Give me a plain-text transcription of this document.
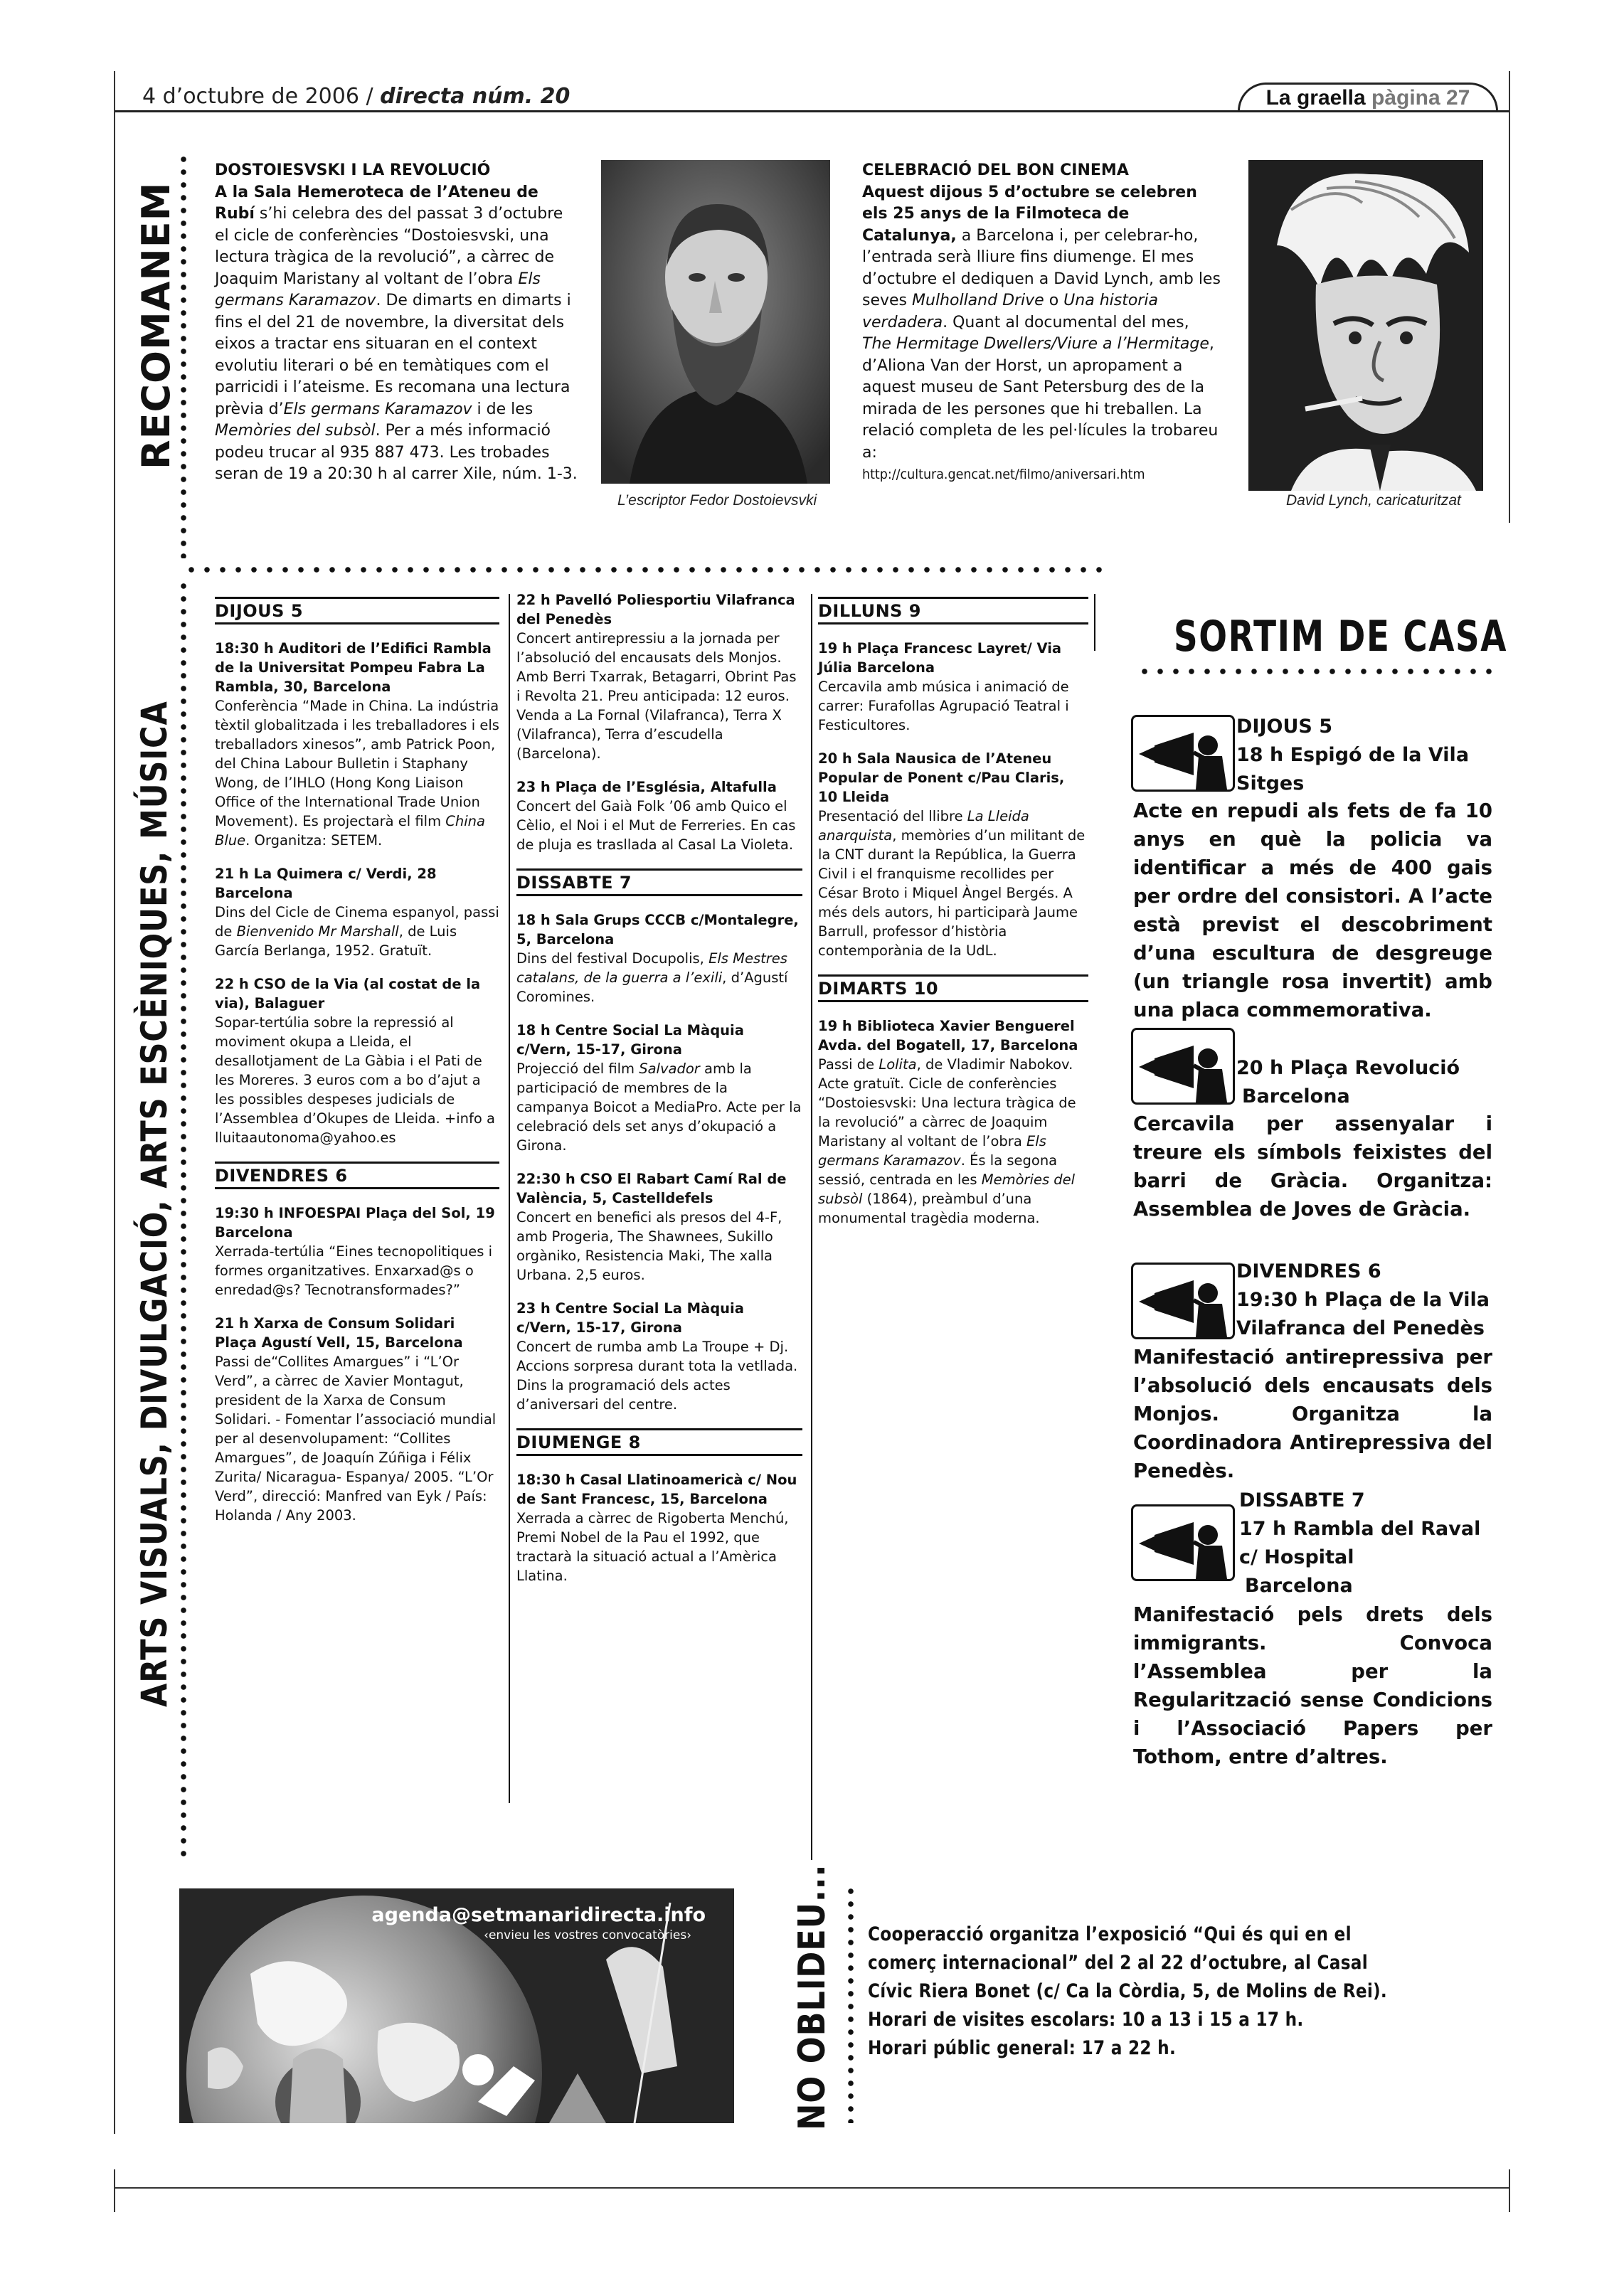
4 d’octubre de 2006 / directa núm. 20	La graella pàgina 27
RECOMANEM
DOSTOIESVSKI I LA REVOLUCIÓ
A la Sala Hemeroteca de l’Ateneu de Rubí s’hi celebra des del passat 3 d’octubre el cicle de conferències “Dostoiesvski, una lectura tràgica de la revolució”, a càrrec de Joaquim Maristany al voltant de l’obra Els germans Karamazov. De dimarts en dimarts i fins el del 21 de novembre, la diversitat dels eixos a tractar ens situaran en el context evolutiu literari o bé en temàtiques com el parricidi i l’ateisme. Es recomana una lectura prèvia d’Els germans Karamazov i de les Memòries del subsòl. Per a més informació podeu trucar al 935 887 473. Les trobades seran de 19 a 20:30 h al carrer Xile, núm. 1-3.
L’escriptor Fedor Dostoievsvki
CELEBRACIÓ DEL BON CINEMA
Aquest dijous 5 d’octubre se celebren els 25 anys de la Filmoteca de Catalunya, a Barcelona i, per celebrar-ho, l’entrada serà lliure fins diumenge. El mes d’octubre el dediquen a David Lynch, amb les seves Mulholland Drive o Una historia verdadera. Quant al documental del mes, The Hermitage Dwellers/Viure a l’Hermitage, d’Aliona Van der Horst, un apropament a aquest museu de Sant Petersburg des de la mirada de les persones que hi treballen. La relació completa de les pel·lícules la trobareu a:
http://cultura.gencat.net/filmo/aniversari.htm
David Lynch, caricaturitzat
ARTS VISUALS, DIVULGACIÓ, ARTS ESCÈNIQUES, MÚSICA
DIJOUS 5

18:30 h Auditori de l’Edifici Rambla de la Universitat Pompeu Fabra La Rambla, 30, Barcelona
Conferència “Made in China. La indústria tèxtil globalitzada i les treballadores i els treballadors xinesos”, amb Patrick Poon, del China Labour Bulletin i Staphany Wong, de l’IHLO (Hong Kong Liaison Office of the International Trade Union Movement). Es projectarà el film China Blue. Organitza: SETEM.

21 h La Quimera c/ Verdi, 28 Barcelona
Dins del Cicle de Cinema espanyol, passi de Bienvenido Mr Marshall, de Luis García Berlanga, 1952. Gratuït.

22 h CSO de la Via (al costat de la via), Balaguer
Sopar-tertúlia sobre la repressió al moviment okupa a Lleida, el desallotjament de La Gàbia i el Pati de les Moreres. 3 euros com a bo d’ajut a les possibles despeses judicials de l’Assemblea d’Okupes de Lleida. +info a lluitaautonoma@yahoo.es

DIVENDRES 6

19:30 h INFOESPAI Plaça del Sol, 19 Barcelona
Xerrada-tertúlia “Eines tecnopolitiques i formes organitzatives. Enxarxad@s o enredad@s? Tecnotransformades?”

21 h Xarxa de Consum Solidari Plaça Agustí Vell, 15, Barcelona
Passi de“Collites Amargues” i “L’Or Verd”, a càrrec de Xavier Montagut, president de la Xarxa de Consum Solidari. - Fomentar l’associació mundial per al desenvolupament: “Collites Amargues”, de Joaquín Zúñiga i Félix Zurita/ Nicaragua- Espanya/ 2005. “L’Or Verd”, direcció: Manfred van Eyk / País: Holanda / Any 2003.

22 h Pavelló Poliesportiu Vilafranca del Penedès
Concert antirepressiu a la jornada per l’absolució del encausats dels Monjos. Amb Berri Txarrak, Betagarri, Obrint Pas i Revolta 21. Preu anticipada: 12 euros. Venda a La Fornal (Vilafranca), Terra X (Vilafranca), Terra d’escudella (Barcelona).

23 h Plaça de l’Església, Altafulla
Concert del Gaià Folk ’06 amb Quico el Cèlio, el Noi i el Mut de Ferreries. En cas de pluja es trasllada al Casal La Violeta.

DISSABTE 7

18 h Sala Grups CCCB c/Montalegre, 5, Barcelona
Dins del festival Docupolis, Els Mestres catalans, de la guerra a l’exili, d’Agustí Coromines.

18 h Centre Social La Màquia c/Vern, 15-17, Girona
Projecció del film Salvador amb la participació de membres de la campanya Boicot a MediaPro. Acte per la celebració dels set anys d’okupació a Girona.

22:30 h CSO El Rabart Camí Ral de València, 5, Castelldefels
Concert en benefici als presos del 4-F, amb Progeria, The Shawnees, Sukillo orgàniko, Resistencia Maki, The xalla Urbana. 2,5 euros.

23 h Centre Social La Màquia c/Vern, 15-17, Girona
Concert de rumba amb La Troupe + Dj. Accions sorpresa durant tota la vetllada. Dins la programació dels actes d’aniversari del centre.

DIUMENGE 8

18:30 h Casal Llatinoamericà c/ Nou de Sant Francesc, 15, Barcelona
Xerrada a càrrec de Rigoberta Menchú, Premi Nobel de la Pau el 1992, que tractarà la situació actual a l’Amèrica Llatina.

DILLUNS 9

19 h Plaça Francesc Layret/ Via Júlia Barcelona
Cercavila amb música i animació de carrer: Furafollas Agrupació Teatral i Festicultores.

20 h Sala Nausica de l’Ateneu Popular de Ponent c/Pau Claris, 10 Lleida
Presentació del llibre La Lleida anarquista, memòries d’un militant de la CNT durant la República, la Guerra Civil i el franquisme recollides per César Broto i Miquel Àngel Bergés. A més dels autors, hi participarà Jaume Barrull, professor d’història contemporània de la UdL.

DIMARTS 10

19 h Biblioteca Xavier Benguerel Avda. del Bogatell, 17, Barcelona
Passi de Lolita, de Vladimir Nabokov. Acte gratuït. Cicle de conferències “Dostoiesvski: Una lectura tràgica de la revolució” a càrrec de Joaquim Maristany al voltant de l’obra Els germans Karamazov. És la segona sessió, centrada en les Memòries del subsòl (1864), preàmbul d’una monumental tragèdia moderna.

SORTIM DE CASA
DIJOUS 5
18 h Espigó de la Vila
Sitges
Acte en repudi als fets de fa 10 anys en què la policia va identificar a més de 400 gais per ordre del consistori. A l’acte està previst el descobriment d’una escultura de desgreuge (un triangle rosa invertit) amb una placa commemorativa.
20 h Plaça Revolució
Barcelona
Cercavila per assenyalar i treure els símbols feixistes del barri de Gràcia. Organitza: Assemblea de Joves de Gràcia.
DIVENDRES 6
19:30 h Plaça de la Vila
Vilafranca del Penedès
Manifestació antirepressiva per l’absolució dels encausats dels Monjos. Organitza la Coordinadora Antirepressiva del Penedès.
DISSABTE 7
17 h Rambla del Raval
c/ Hospital
Barcelona
Manifestació pels drets dels immigrants. Convoca l’Assemblea per la Regularització sense Condicions i l’Associació Papers per Tothom, entre d’altres.
agenda@setmanaridirecta.info
‹envieu les vostres convocatòries›	NO OBLIDEU... Cooperacció organitza l’exposició “Qui és qui en el
comerç internacional” del 2 al 22 d’octubre, al Casal
Cívic Riera Bonet (c/ Ca la Còrdia, 5, de Molins de Rei).
Horari de visites escolars: 10 a 13 i 15 a 17 h.
Horari públic general: 17 a 22 h.
